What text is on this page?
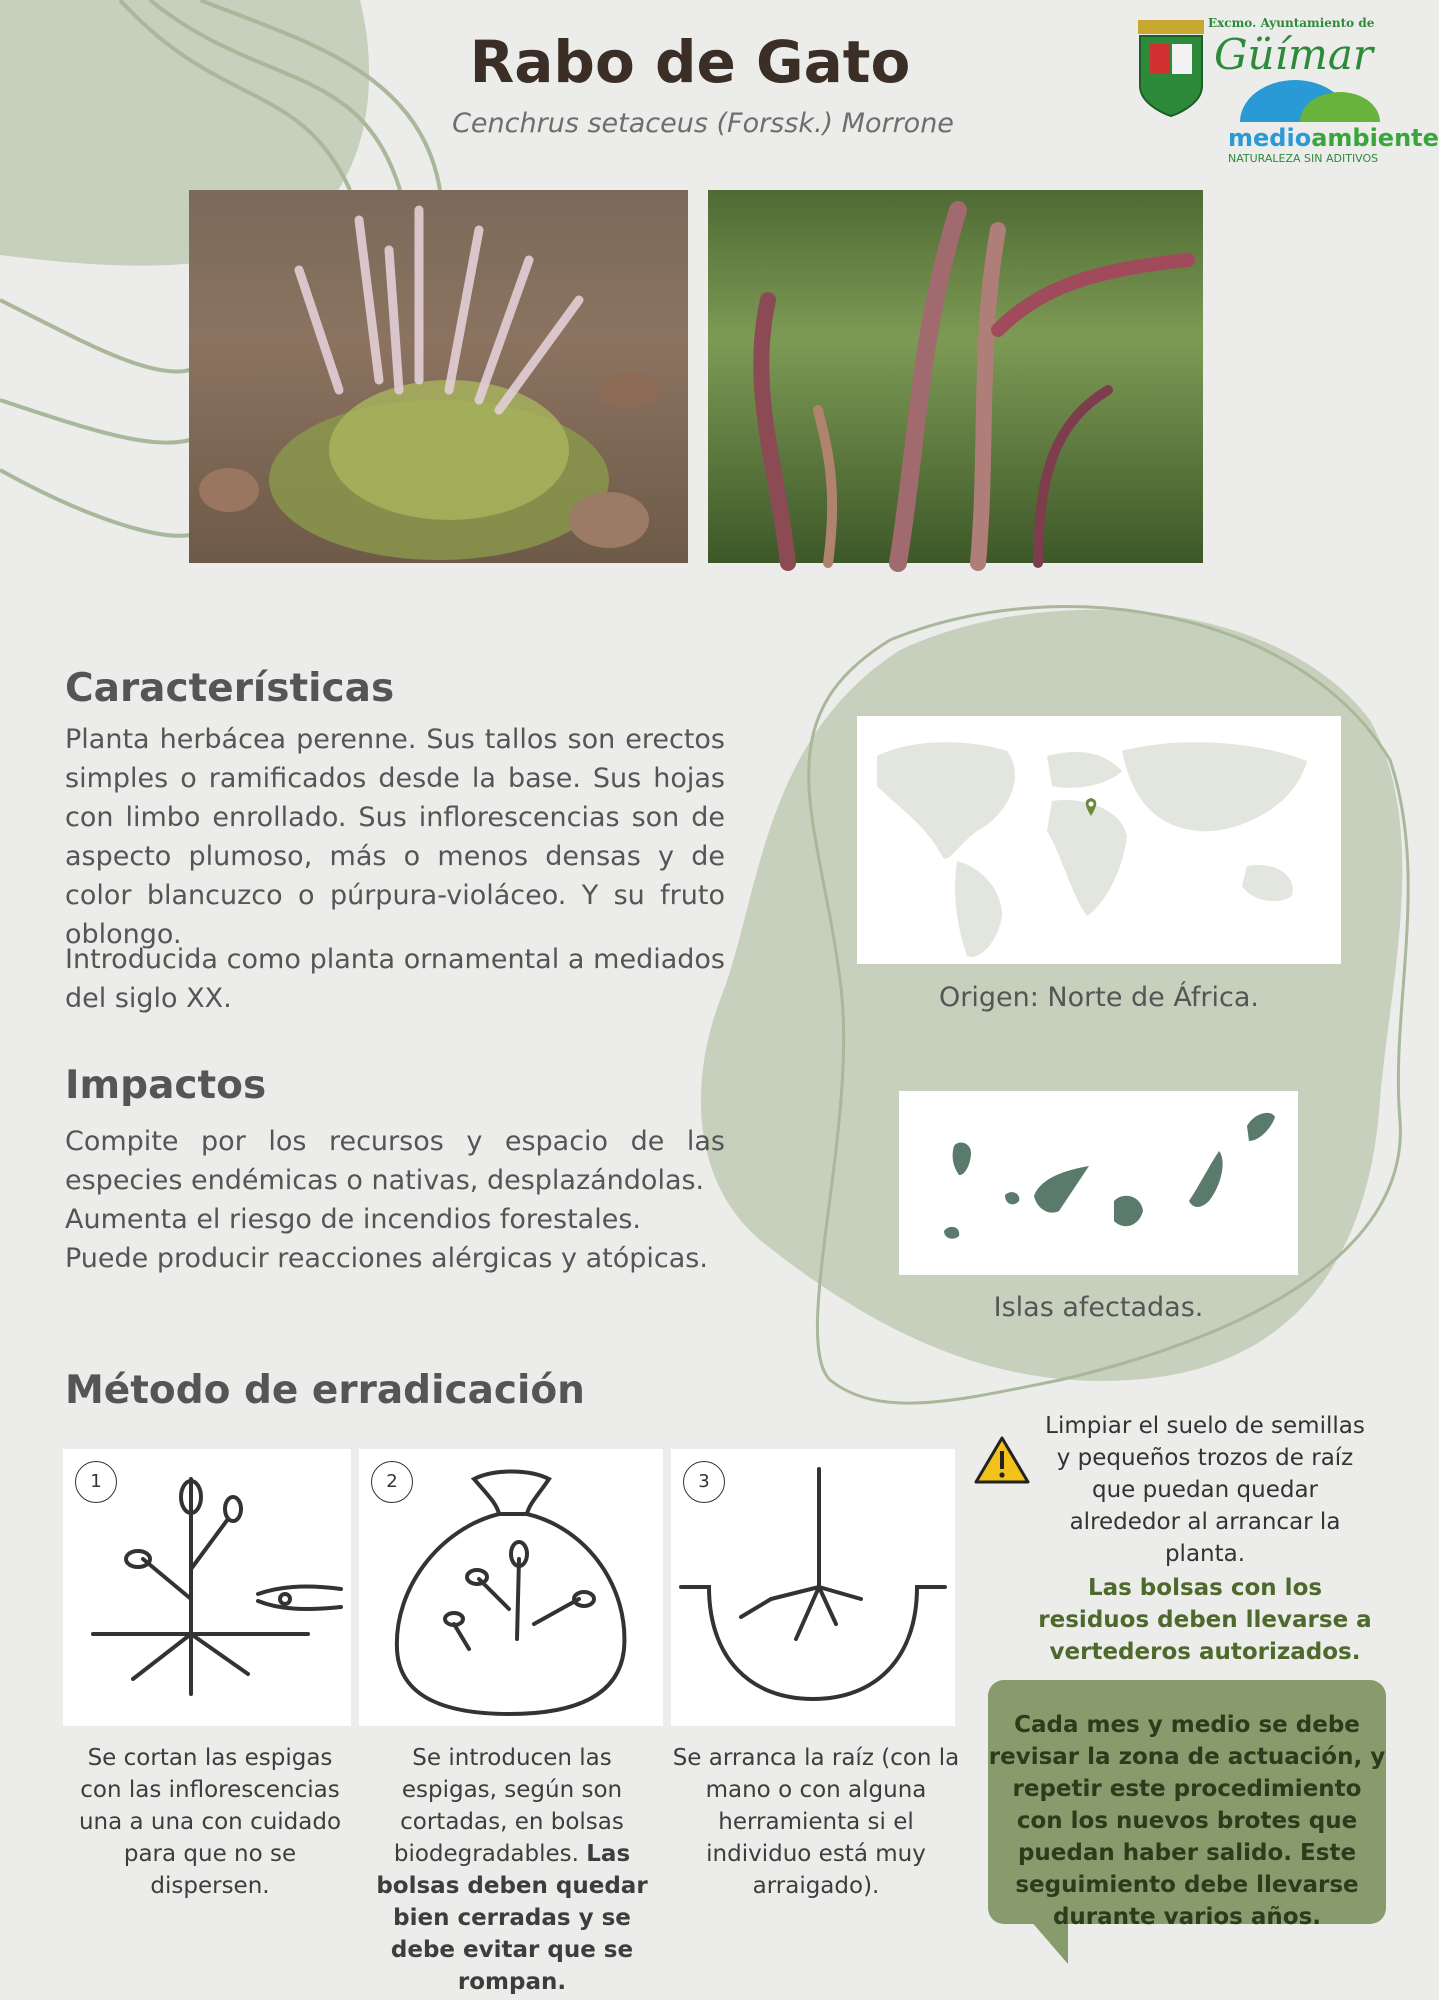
Rabo de Gato
Cenchrus setaceus (Forssk.) Morrone
Excmo. Ayuntamiento de
Güímar
medioambiente
NATURALEZA SIN ADITIVOS
Características
Planta herbácea perenne. Sus tallos son erectos simples o ramificados desde la base. Sus hojas con limbo enrollado. Sus inflorescencias son de aspecto plumoso, más o menos densas y de color blancuzco o púrpura-violáceo. Y su fruto oblongo.
Introducida como planta ornamental a mediados del siglo XX.	Origen: Norte de África.
Impactos
Compite por los recursos y espacio de las especies endémicas o nativas, desplazándolas.
Aumenta el riesgo de incendios forestales.
Puede producir reacciones alérgicas y atópicas.
Islas afectadas.
Método de erradicación
1
Se cortan las espigas con las inflorescencias una a una con cuidado para que no se dispersen.
2
Se introducen las espigas, según son cortadas, en bolsas biodegradables. Las bolsas deben quedar bien cerradas y se debe evitar que se rompan.
3
Se arranca la raíz (con la mano o con alguna herramienta si el individuo está muy arraigado).
Limpiar el suelo de semillas y pequeños trozos de raíz que puedan quedar alrededor al arrancar la planta.
Las bolsas con los residuos deben llevarse a vertederos autorizados.
Cada mes y medio se debe revisar la zona de actuación, y repetir este procedimiento con los nuevos brotes que puedan haber salido. Este seguimiento debe llevarse durante varios años.
